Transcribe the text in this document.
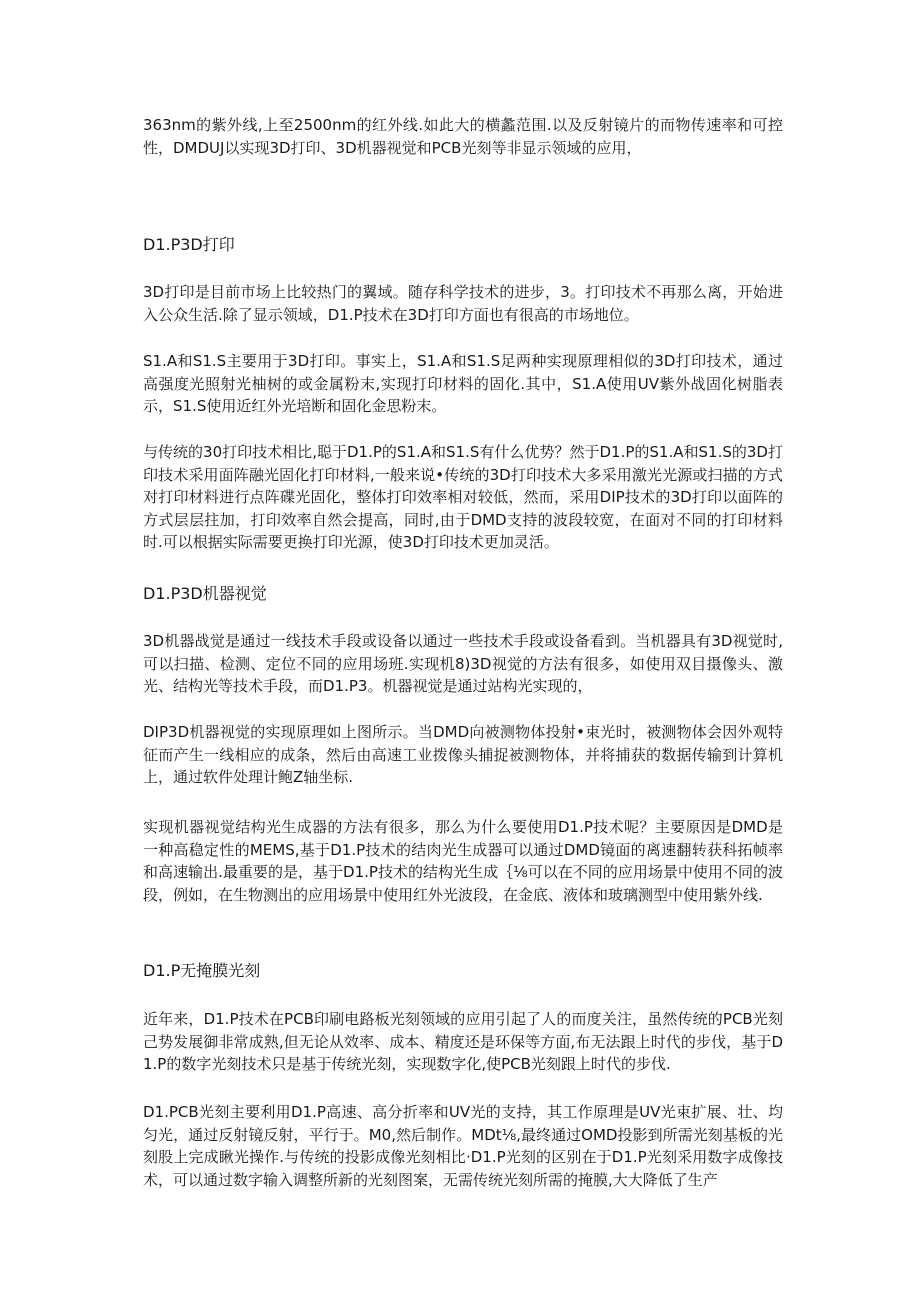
363nm的紫外线,上至2500nm的红外线.如此大的横蠡范围.以及反射镜片的而物传速率和可控性，DMDUJ以实现3D打印、3D机器视觉和PCB光刻等非显示领域的应用，

D1.P3D打印

3D打印是目前市场上比较热门的翼域。随存科学技术的进步，3。打印技术不再那么离，开始进入公众生活.除了显示领域，D1.P技术在3D打印方面也有很高的市场地位。

S1.A和S1.S主要用于3D打印。事实上，S1.A和S1.S足两种实现原理相似的3D打印技术，通过高强度光照射光柚树的或金属粉末,实现打印材料的固化.其中，S1.A使用UV紫外战固化树脂表示，S1.S使用近红外光培断和固化金思粉末。

与传统的30打印技术相比,聪于D1.P的S1.A和S1.S有什么优势？然于D1.P的S1.A和S1.S的3D打印技术采用面阵融光固化打印材料,一般来说•传统的3D打印技术大多采用激光光源或扫描的方式对打印材料进行点阵碟光固化，整体打印效率相对较低，然而，采用DIP技术的3D打印以面阵的方式层层拄加，打印效率自然会提高，同时,由于DMD支持的波段较宽，在面对不同的打印材料时.可以根据实际需要更换打印光源，使3D打印技术更加灵活。

D1.P3D机器视觉

3D机器战觉是通过一线技术手段或设备以通过一些技术手段或设备看到。当机器具有3D视觉时,可以扫描、检测、定位不同的应用场班.实现机8)3D视觉的方法有很多，如使用双目摄像头、激光、结构光等技术手段，而D1.P3。机器视觉是通过站构光实现的，

DIP3D机器视觉的实现原理如上图所示。当DMD向被测物体投射•束光时，被测物体会因外观特征而产生一线相应的成条，然后由高速工业拨像头捕捉被测物体，并将捕获的数据传输到计算机上，通过软件处理计鲍Z轴坐标.

实现机器视觉结构光生成器的方法有很多，那么为什么要使用D1.P技术呢？主要原因是DMD是一种高稳定性的MEMS,基于D1.P技术的结肉光生成器可以通过DMD镜面的离速翻转获科拓帧率和高速输出.最重要的是，基于D1.P技术的结构光生成｛⅛可以在不同的应用场景中使用不同的波段，例如，在生物测出的应用场景中使用红外光波段，在金底、液体和玻璃测型中使用紫外线.

D1.P无掩膜光刻

近年来，D1.P技术在PCB印刷电路板光刻领域的应用引起了人的而度关注，虽然传统的PCB光刻己势发展御非常成熟,但无论从效率、成本、精度还是环保等方面,布无法跟上时代的步伐，基于D1.P的数字光刻技术只是基于传统光刻，实现数字化,使PCB光刻跟上时代的步伐.

D1.PCB光刻主要利用D1.P高速、高分折率和UV光的支持，其工作原理是UV光束扩展、壮、均匀光，通过反射镜反射，平行于。M0,然后制作。MDt⅛,最终通过OMD投影到所需光刻基板的光刻股上完成瞅光操作.与传统的投影成像光刻相比·D1.P光刻的区别在于D1.P光刻采用数字成像技术，可以通过数字输入调整所新的光刻图案，无需传统光刻所需的掩膜,大大降低了生产
